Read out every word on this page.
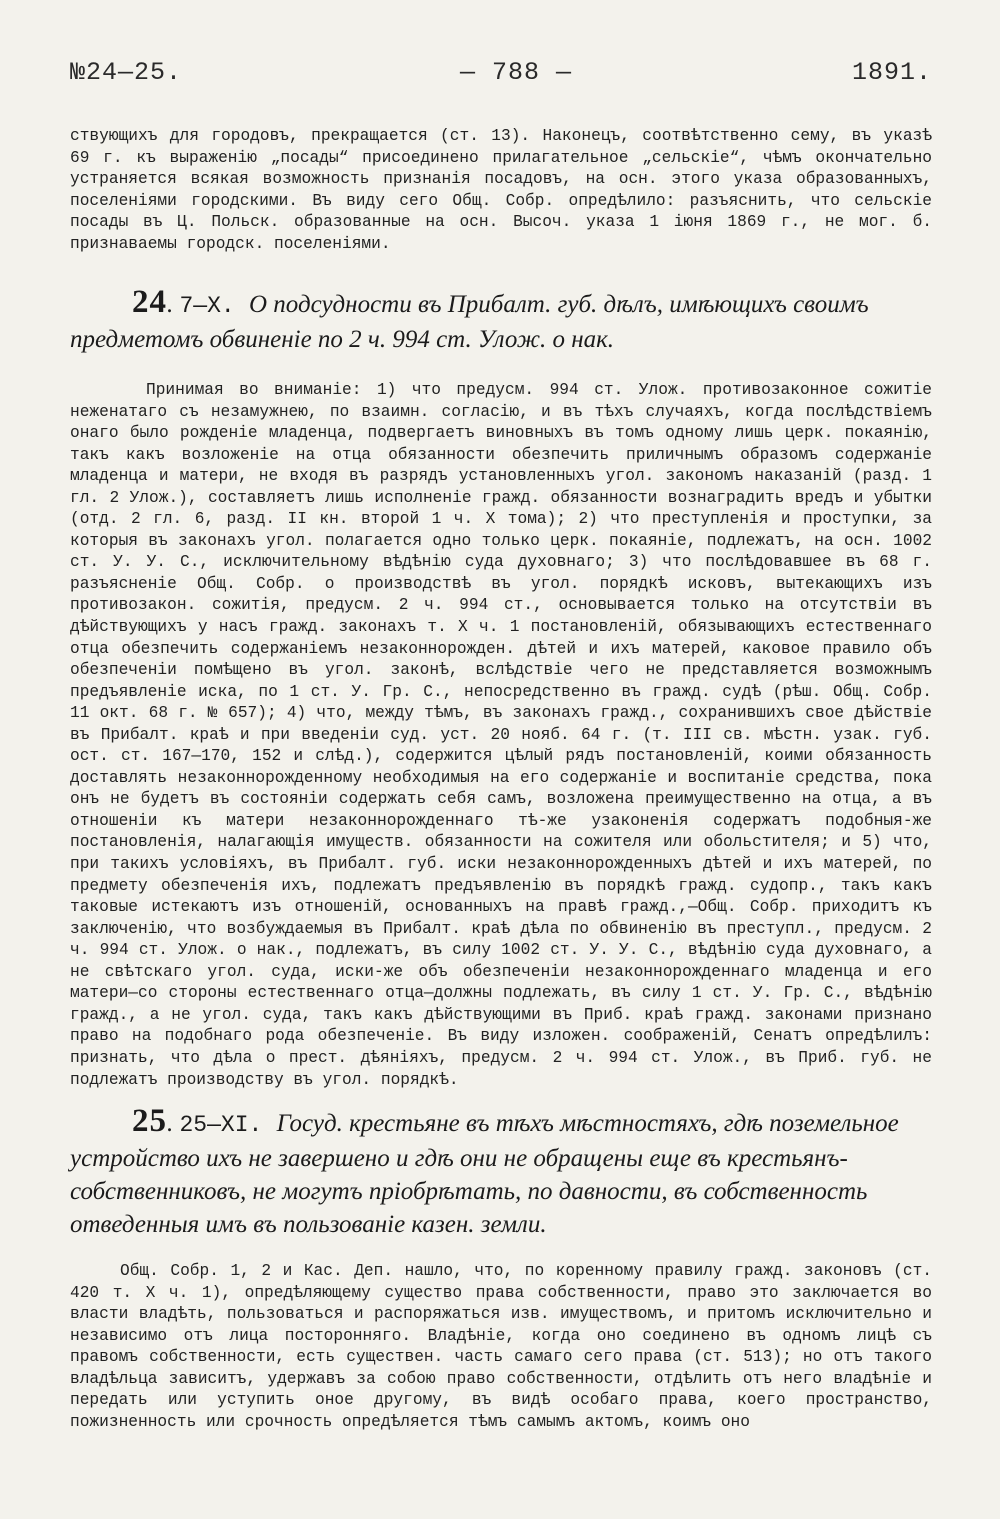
№24—25.	— 788 —	1891.
ствующихъ для городовъ, прекращается (ст. 13). Наконецъ, соотвѣтственно сему, въ указѣ 69 г. къ выраженію „посады“ присоединено прилагательное „сельскіе“, чѣмъ окончательно устраняется всякая возможность признанія посадовъ, на осн. этого указа образованныхъ, поселеніями городскими. Въ виду сего Общ. Собр. опредѣлило: разъяснить, что сельскіе посады въ Ц. Польск. образованные на осн. Высоч. указа 1 іюня 1869 г., не мог. б. признаваемы городск. поселеніями.
24. 7—X. О подсудности въ Прибалт. губ. дѣлъ, имѣющихъ своимъ предметомъ обвиненіе по 2 ч. 994 ст. Улож. о нак.
Принимая во вниманіе: 1) что предусм. 994 ст. Улож. противозаконное сожитіе неженатаго съ незамужнею, по взаимн. согласію, и въ тѣхъ случаяхъ, когда послѣдствіемъ онаго было рожденіе младенца, подвергаетъ виновныхъ въ томъ одному лишь церк. покаянію, такъ какъ возложеніе на отца обязанности обезпечить приличнымъ образомъ содержаніе младенца и матери, не входя въ разрядъ установленныхъ угол. закономъ наказаній (разд. 1 гл. 2 Улож.), составляетъ лишь исполненіе гражд. обязанности вознаградить вредъ и убытки (отд. 2 гл. 6, разд. II кн. второй 1 ч. X тома); 2) что преступленія и проступки, за которыя въ законахъ угол. полагается одно только церк. покаяніе, подлежатъ, на осн. 1002 ст. У. У. С., исключительному вѣдѣнію суда духовнаго; 3) что послѣдовавшее въ 68 г. разъясненіе Общ. Собр. о производствѣ въ угол. порядкѣ исковъ, вытекающихъ изъ противозакон. сожитія, предусм. 2 ч. 994 ст., основывается только на отсутствіи въ дѣйствующихъ у насъ гражд. законахъ т. X ч. 1 постановленій, обязывающихъ естественнаго отца обезпечить содержаніемъ незаконнорожден. дѣтей и ихъ матерей, каковое правило объ обезпеченіи помѣщено въ угол. законѣ, вслѣдствіе чего не представляется возможнымъ предъявленіе иска, по 1 ст. У. Гр. С., непосредственно въ гражд. судѣ (рѣш. Общ. Собр. 11 окт. 68 г. № 657); 4) что, между тѣмъ, въ законахъ гражд., сохранившихъ свое дѣйствіе въ Прибалт. краѣ и при введеніи суд. уст. 20 нояб. 64 г. (т. III св. мѣстн. узак. губ. ост. ст. 167—170, 152 и слѣд.), содержится цѣлый рядъ постановленій, коими обязанность доставлять незаконнорожденному необходимыя на его содержаніе и воспитаніе средства, пока онъ не будетъ въ состояніи содержать себя самъ, возложена преимущественно на отца, а въ отношеніи къ матери незаконнорожденнаго тѣ-же узаконенія содержатъ подобныя-же постановленія, налагающія имуществ. обязанности на сожителя или обольстителя; и 5) что, при такихъ условіяхъ, въ Прибалт. губ. иски незаконнорожденныхъ дѣтей и ихъ матерей, по предмету обезпеченія ихъ, подлежатъ предъявленію въ порядкѣ гражд. судопр., такъ какъ таковые истекаютъ изъ отношеній, основанныхъ на правѣ гражд.,—Общ. Собр. приходитъ къ заключенію, что возбуждаемыя въ Прибалт. краѣ дѣла по обвиненію въ преступл., предусм. 2 ч. 994 ст. Улож. о нак., подлежатъ, въ силу 1002 ст. У. У. С., вѣдѣнію суда духовнаго, а не свѣтскаго угол. суда, иски-же объ обезпеченіи незаконнорожденнаго младенца и его матери—со стороны естественнаго отца—должны подлежать, въ силу 1 ст. У. Гр. С., вѣдѣнію гражд., а не угол. суда, такъ какъ дѣйствующими въ Приб. краѣ гражд. законами признано право на подобнаго рода обезпеченіе. Въ виду изложен. соображеній, Сенатъ опредѣлилъ: признать, что дѣла о прест. дѣяніяхъ, предусм. 2 ч. 994 ст. Улож., въ Приб. губ. не подлежатъ производству въ угол. порядкѣ.
25. 25—XI. Госуд. крестьяне въ тѣхъ мѣстностяхъ, гдѣ поземельное устройство ихъ не завершено и гдѣ они не обращены еще въ крестьянъ-собственниковъ, не могутъ пріобрѣтать, по давности, въ собственность отведенныя имъ въ пользованіе казен. земли.
Общ. Собр. 1, 2 и Кас. Деп. нашло, что, по коренному правилу гражд. законовъ (ст. 420 т. X ч. 1), опредѣляющему существо права собственности, право это заключается во власти владѣть, пользоваться и распоряжаться изв. имуществомъ, и притомъ исключительно и независимо отъ лица посторонняго. Владѣніе, когда оно соединено въ одномъ лицѣ съ правомъ собственности, есть существен. часть самаго сего права (ст. 513); но отъ такого владѣльца зависитъ, удержавъ за собою право собственности, отдѣлить отъ него владѣніе и передать или уступить оное другому, въ видѣ особаго права, коего пространство, пожизненность или срочность опредѣляется тѣмъ самымъ актомъ, коимъ оно
